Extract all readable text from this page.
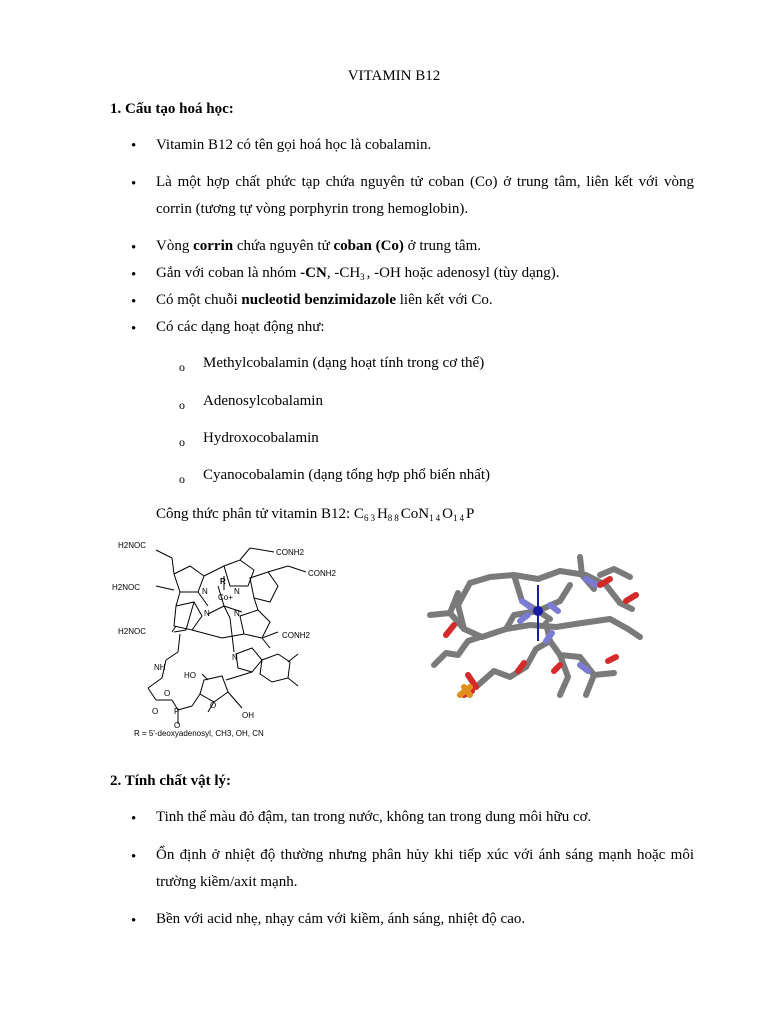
VITAMIN B12
1. Cấu tạo hoá học:
• Vitamin B12 có tên gọi hoá học là cobalamin.
• Là một hợp chất phức tạp chứa nguyên tử coban (Co) ở trung tâm, liên kết với vòng corrin (tương tự vòng porphyrin trong hemoglobin).
• Vòng corrin chứa nguyên tử coban (Co) ở trung tâm.
• Gắn với coban là nhóm -CN, $-CH_3$, -OH hoặc adenosyl (tùy dạng).
• Có một chuỗi nucleotid benzimidazole liên kết với Co.
• Có các dạng hoạt động như:
o Methylcobalamin (dạng hoạt tính trong cơ thể)
o Adenosylcobalamin
o Hydroxocobalamin
o Cyanocobalamin (dạng tổng hợp phổ biến nhất)
Công thức phân tử vitamin B12: $C_{63}H_{88}CoN_{14}O_{14}P$
H2NOC
CONH2
CONH2
H2NOC
H2NOC	CONH2
R
Co+
N	N
N	N
N
NH
HO
OH
O
O
P
O
O
R = 5'-deoxyadenosyl, CH3, OH, CN
2. Tính chất vật lý:
• Tinh thể màu đỏ đậm, tan trong nước, không tan trong dung môi hữu cơ.
• Ổn định ở nhiệt độ thường nhưng phân hủy khi tiếp xúc với ánh sáng mạnh hoặc môi trường kiềm/axit mạnh.
• Bền với acid nhẹ, nhạy cảm với kiềm, ánh sáng, nhiệt độ cao.
